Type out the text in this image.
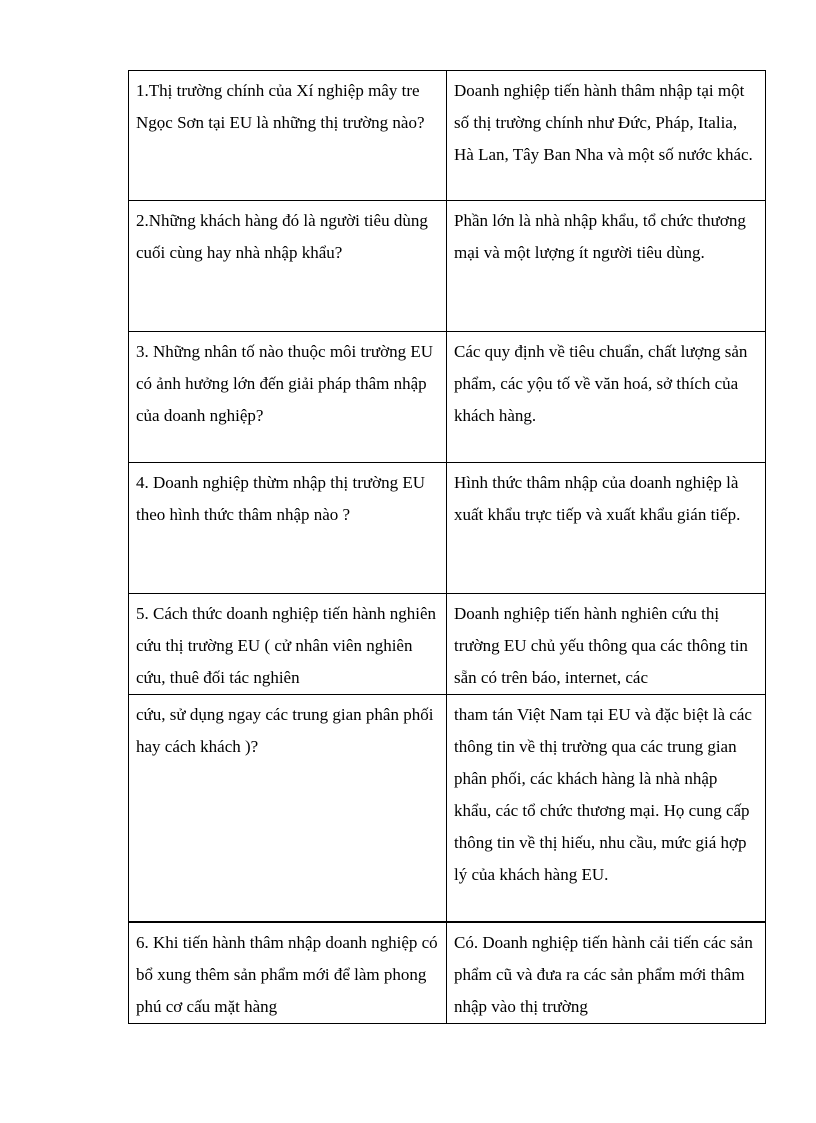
1.Thị trường chính của Xí nghiệp mây tre Ngọc Sơn tại EU là những thị trường nào?	Doanh nghiệp tiến hành thâm nhập tại một số thị trường chính như Đức, Pháp, Italia, Hà Lan, Tây Ban Nha và một số nước khác.

2.Những khách hàng đó là người tiêu dùng cuối cùng hay nhà nhập khẩu?	Phần lớn là nhà nhập khẩu, tổ chức thương mại và một lượng ít người tiêu dùng.

3. Những nhân tố nào thuộc môi trường EU có ảnh hưởng lớn đến giải pháp thâm nhập của doanh nghiệp?	Các quy định về tiêu chuẩn, chất lượng sản phẩm, các yộu tố về văn hoá, sở thích của khách hàng.

4. Doanh nghiệp thừm nhập thị trường EU theo hình thức thâm nhập nào ?	Hình thức thâm nhập của doanh nghiệp là xuất khẩu trực tiếp và xuất khẩu gián tiếp.

5. Cách thức doanh nghiệp tiến hành nghiên cứu thị trường EU ( cử nhân viên nghiên cứu, thuê đối tác nghiên	Doanh nghiệp tiến hành nghiên cứu thị trường EU chủ yếu thông qua các thông tin sẵn có trên báo, internet, các

cứu, sử dụng ngay các trung gian phân phối hay cách khách )?	tham tán Việt Nam tại EU và đặc biệt là các thông tin về thị trường qua các trung gian phân phối, các khách hàng là nhà nhập khẩu, các tổ chức thương mại. Họ cung cấp thông tin về thị hiếu, nhu cầu, mức giá hợp lý của khách hàng EU.

6. Khi tiến hành thâm nhập doanh nghiệp có bổ xung thêm sản phẩm mới để làm phong phú cơ cấu mặt hàng	Có. Doanh nghiệp tiến hành cải tiến các sản phẩm cũ và đưa ra các sản phẩm mới thâm nhập vào thị trường
